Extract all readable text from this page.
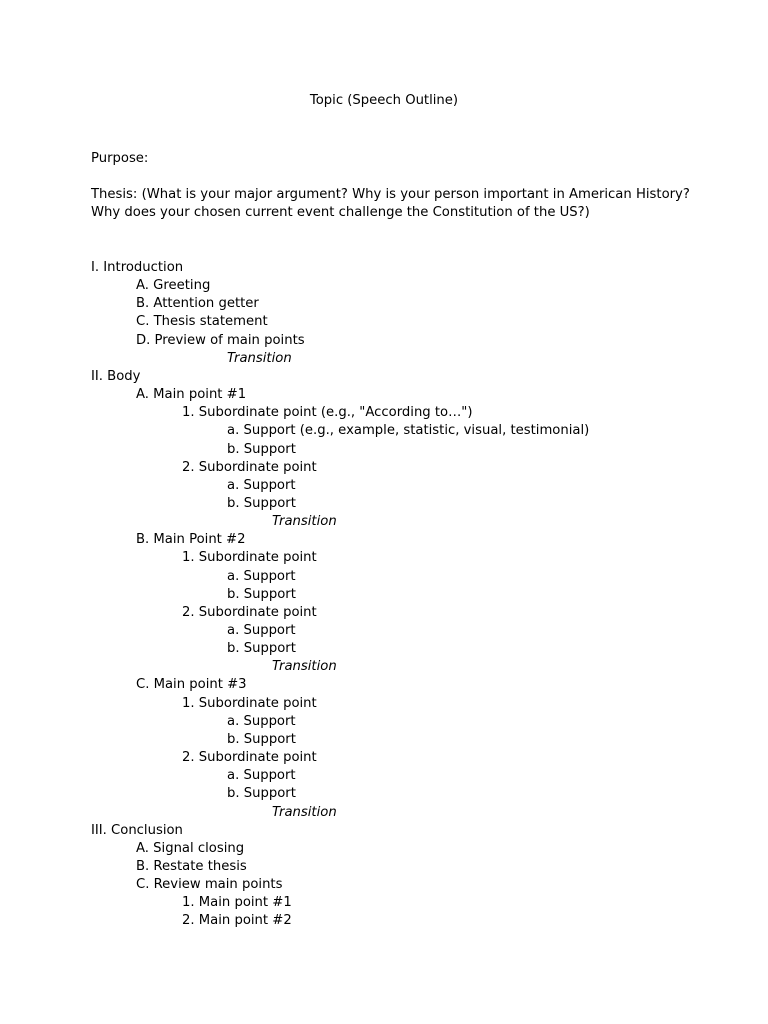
Topic (Speech Outline)
Purpose:
Thesis: (What is your major argument? Why is your person important in American History? Why does your chosen current event challenge the Constitution of the US?)
I. Introduction
A. Greeting
B. Attention getter
C. Thesis statement
D. Preview of main points
Transition
II. Body
A. Main point #1
1. Subordinate point (e.g., "According to…")
a. Support (e.g., example, statistic, visual, testimonial)
b. Support
2. Subordinate point
a. Support
b. Support
Transition
B. Main Point #2
1. Subordinate point
a. Support
b. Support
2. Subordinate point
a. Support
b. Support
Transition
C. Main point #3
1. Subordinate point
a. Support
b. Support
2. Subordinate point
a. Support
b. Support
Transition
III. Conclusion
A. Signal closing
B. Restate thesis
C. Review main points
1. Main point #1
2. Main point #2
